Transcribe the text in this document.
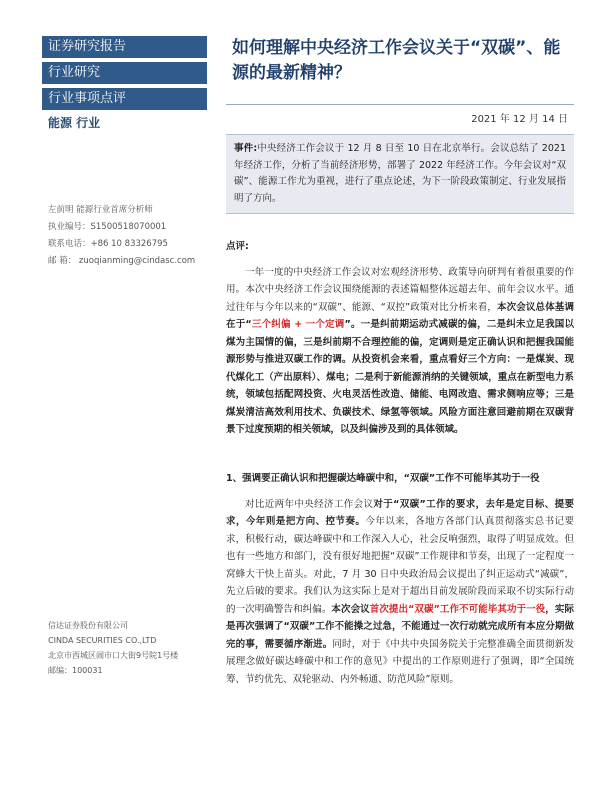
证券研究报告
行业研究
行业事项点评
能源 行业
左前明 能源行业首席分析师
执业编号：S1500518070001
联系电话：+86 10 83326795
邮 箱： zuoqianming@cindasc.com
信达证券股份有限公司
CINDA SECURITIES CO.,LTD
北京市西城区闹市口大街9号院1号楼
邮编：100031
如何理解中央经济工作会议关于“双碳”、能源的最新精神？
2021 年 12 月 14 日
事件:中央经济工作会议于 12 月 8 日至 10 日在北京举行。会议总结了 2021 年经济工作，分析了当前经济形势，部署了 2022 年经济工作。今年会议对“双碳”、能源工作尤为重视，进行了重点论述，为下一阶段政策制定、行业发展指明了方向。
点评:

一年一度的中央经济工作会议对宏观经济形势、政策导向研判有着很重要的作用。本次中央经济工作会议围绕能源的表述篇幅整体远超去年、前年会议水平。通过往年与今年以来的“双碳”、能源、“双控”政策对比分析来看，本次会议总体基调在于“三个纠偏 + 一个定调”。一是纠前期运动式减碳的偏，二是纠未立足我国以煤为主国情的偏，三是纠前期不合理控能的偏，定调则是定正确认识和把握我国能源形势与推进双碳工作的调。从投资机会来看，重点看好三个方向：一是煤炭、现代煤化工（产出原料）、煤电；二是利于新能源消纳的关键领域，重点在新型电力系统，领域包括配网投资、火电灵活性改造、储能、电网改造、需求侧响应等；三是煤炭清洁高效利用技术、负碳技术、绿氢等领域。风险方面注意回避前期在双碳背景下过度预期的相关领域，以及纠偏涉及到的具体领域。

1、强调要正确认识和把握碳达峰碳中和，“双碳”工作不可能毕其功于一役

对比近两年中央经济工作会议对于“双碳”工作的要求，去年是定目标、提要求，今年则是把方向、控节奏。今年以来，各地方各部门认真贯彻落实总书记要求，积极行动，碳达峰碳中和工作深入人心，社会反响强烈，取得了明显成效。但也有一些地方和部门，没有很好地把握“双碳”工作规律和节奏，出现了一定程度一窝蜂大干快上苗头。对此，7 月 30 日中央政治局会议提出了纠正运动式“减碳”，先立后破的要求。我们认为这实际上是对于超出目前发展阶段而采取不切实际行动的一次明确警告和纠偏。本次会议首次提出“双碳”工作不可能毕其功于一役，实际是再次强调了“双碳”工作不能操之过急，不能通过一次行动就完成所有本应分期做完的事，需要循序渐进。同时，对于《中共中央国务院关于完整准确全面贯彻新发展理念做好碳达峰碳中和工作的意见》中提出的工作原则进行了强调，即“全国统筹、节约优先、双轮驱动、内外畅通、防范风险”原则。
